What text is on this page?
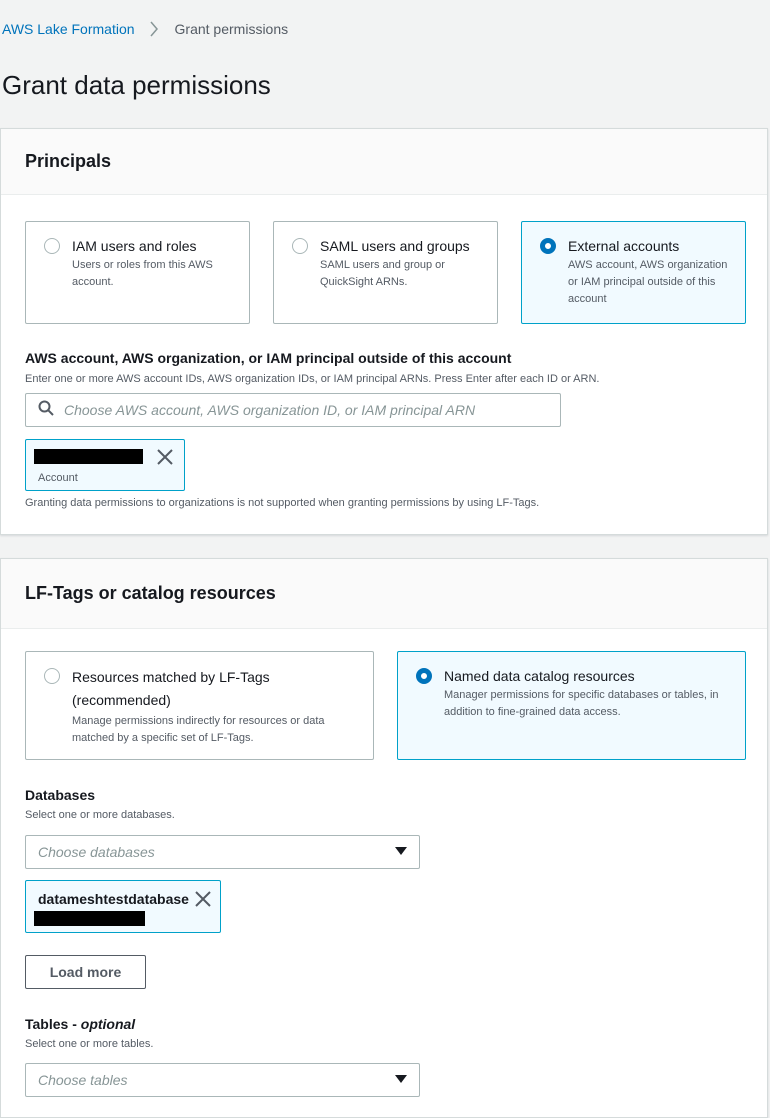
AWS Lake Formation	Grant permissions
Grant data permissions
Principals
IAM users and roles
Users or roles from this AWS account.
SAML users and groups
SAML users and group or QuickSight ARNs.
External accounts
AWS account, AWS organization or IAM principal outside of this account
AWS account, AWS organization, or IAM principal outside of this account
Enter one or more AWS account IDs, AWS organization IDs, or IAM principal ARNs. Press Enter after each ID or ARN.
Choose AWS account, AWS organization ID, or IAM principal ARN
Account
Granting data permissions to organizations is not supported when granting permissions by using LF-Tags.
LF-Tags or catalog resources
Resources matched by LF-Tags (recommended)
Manage permissions indirectly for resources or data matched by a specific set of LF-Tags.
Named data catalog resources
Manager permissions for specific databases or tables, in addition to fine-grained data access.
Databases
Select one or more databases.
Choose databases
datameshtestdatabase
Load more
Tables - optional
Select one or more tables.
Choose tables
